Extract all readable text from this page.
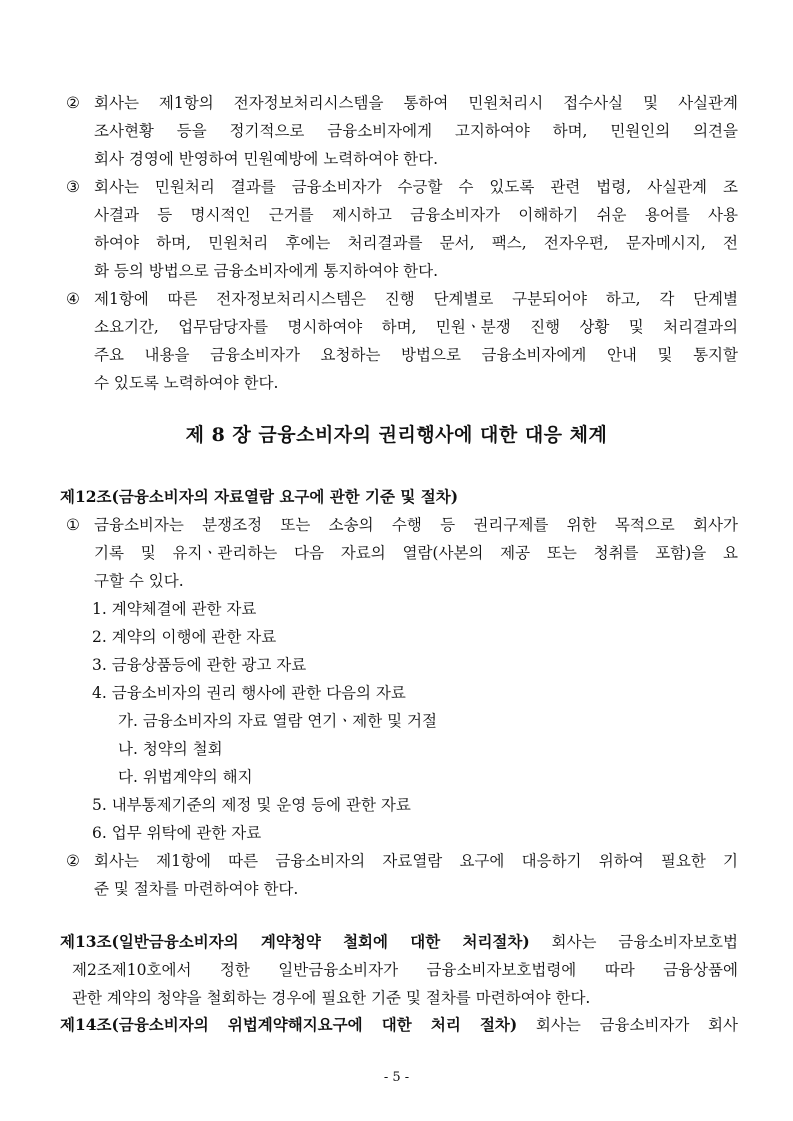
② 회사는 제1항의 전자정보처리시스템을 통하여 민원처리시 접수사실 및 사실관계
조사현황 등을 정기적으로 금융소비자에게 고지하여야 하며, 민원인의 의견을
회사 경영에 반영하여 민원예방에 노력하여야 한다.
③ 회사는 민원처리 결과를 금융소비자가 수긍할 수 있도록 관련 법령, 사실관계 조
사결과 등 명시적인 근거를 제시하고 금융소비자가 이해하기 쉬운 용어를 사용
하여야 하며, 민원처리 후에는 처리결과를 문서, 팩스, 전자우편, 문자메시지, 전
화 등의 방법으로 금융소비자에게 통지하여야 한다.
④ 제1항에 따른 전자정보처리시스템은 진행 단계별로 구분되어야 하고, 각 단계별
소요기간, 업무담당자를 명시하여야 하며, 민원ㆍ분쟁 진행 상황 및 처리결과의
주요 내용을 금융소비자가 요청하는 방법으로 금융소비자에게 안내 및 통지할
수 있도록 노력하여야 한다.
제 8 장 금융소비자의 권리행사에 대한 대응 체계
제12조(금융소비자의 자료열람 요구에 관한 기준 및 절차)
① 금융소비자는 분쟁조정 또는 소송의 수행 등 권리구제를 위한 목적으로 회사가
기록 및 유지ㆍ관리하는 다음 자료의 열람(사본의 제공 또는 청취를 포함)을 요
구할 수 있다.
1. 계약체결에 관한 자료
2. 계약의 이행에 관한 자료
3. 금융상품등에 관한 광고 자료
4. 금융소비자의 권리 행사에 관한 다음의 자료
가. 금융소비자의 자료 열람 연기ㆍ제한 및 거절
나. 청약의 철회
다. 위법계약의 해지
5. 내부통제기준의 제정 및 운영 등에 관한 자료
6. 업무 위탁에 관한 자료
② 회사는 제1항에 따른 금융소비자의 자료열람 요구에 대응하기 위하여 필요한 기
준 및 절차를 마련하여야 한다.
제13조(일반금융소비자의 계약청약 철회에 대한 처리절차) 회사는 금융소비자보호법
제2조제10호에서 정한 일반금융소비자가 금융소비자보호법령에 따라 금융상품에
관한 계약의 청약을 철회하는 경우에 필요한 기준 및 절차를 마련하여야 한다.
제14조(금융소비자의 위법계약해지요구에 대한 처리 절차) 회사는 금융소비자가 회사
- 5 -
